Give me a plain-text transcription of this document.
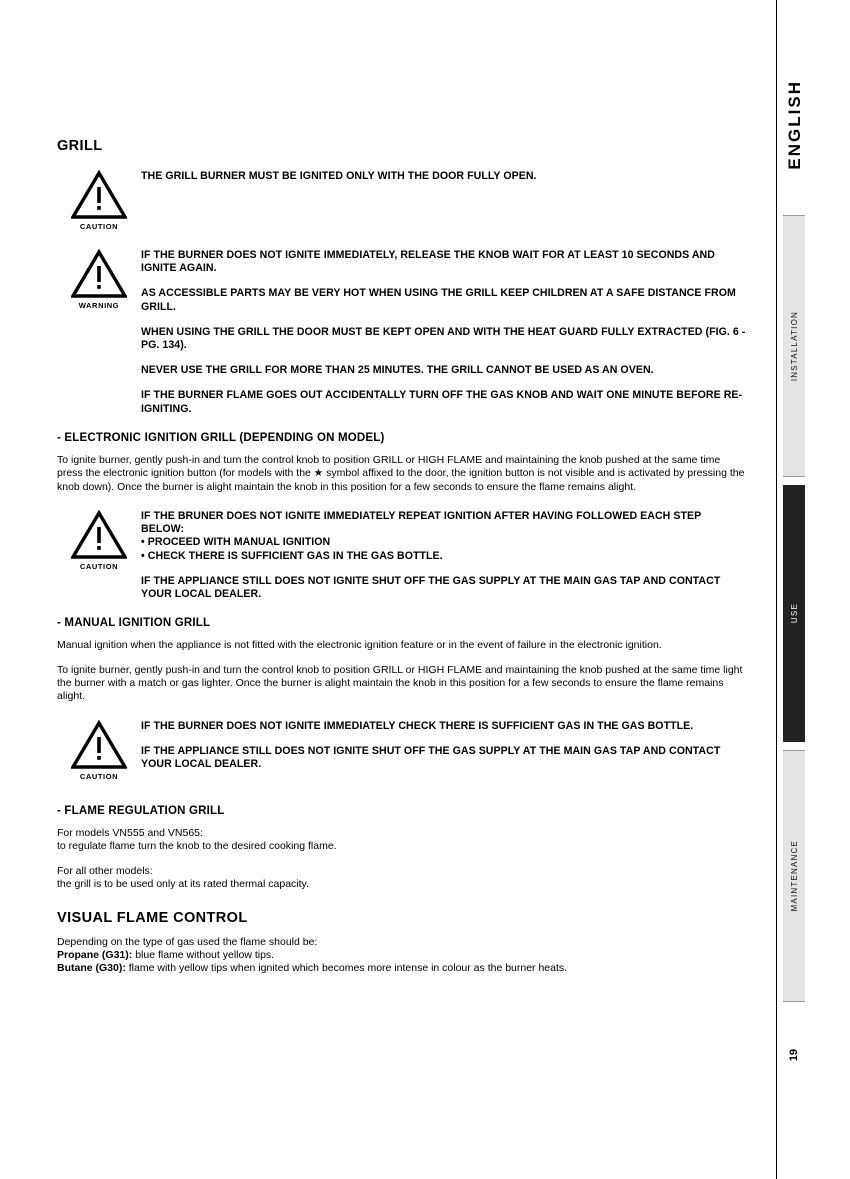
ENGLISH
INSTALLATION
USE
MAINTENANCE
19
GRILL
CAUTION

THE GRILL BURNER MUST BE IGNITED ONLY WITH THE DOOR FULLY OPEN.

WARNING

IF THE BURNER DOES NOT IGNITE IMMEDIATELY, RELEASE THE KNOB WAIT FOR AT LEAST 10 SECONDS AND IGNITE AGAIN.

AS ACCESSIBLE PARTS MAY BE VERY HOT WHEN USING THE GRILL KEEP CHILDREN AT A SAFE DISTANCE FROM GRILL.

WHEN USING THE GRILL THE DOOR MUST BE KEPT OPEN AND WITH THE HEAT GUARD FULLY EXTRACTED (FIG. 6 - PG. 134).

NEVER USE THE GRILL FOR MORE THAN 25 MINUTES. THE GRILL CANNOT BE USED AS AN OVEN.

IF THE BURNER FLAME GOES OUT ACCIDENTALLY TURN OFF THE GAS KNOB AND WAIT ONE MINUTE BEFORE RE-IGNITING.

- ELECTRONIC IGNITION GRILL (DEPENDING ON MODEL)

To ignite burner, gently push-in and turn the control knob to position GRILL or HIGH FLAME and maintaining the knob pushed at the same time press the electronic ignition button (for models with the ★ symbol affixed to the door, the ignition button is not visible and is activated by pressing the knob down). Once the burner is alight maintain the knob in this position for a few seconds to ensure the flame remains alight.

CAUTION

IF THE BRUNER DOES NOT IGNITE IMMEDIATELY REPEAT IGNITION AFTER HAVING FOLLOWED EACH STEP BELOW:

• PROCEED WITH MANUAL IGNITION

• CHECK THERE IS SUFFICIENT GAS IN THE GAS BOTTLE.

IF THE APPLIANCE STILL DOES NOT IGNITE SHUT OFF THE GAS SUPPLY AT THE MAIN GAS TAP AND CONTACT YOUR LOCAL DEALER.

- MANUAL IGNITION GRILL

Manual ignition when the appliance is not fitted with the electronic ignition feature or in the event of failure in the electronic ignition.

To ignite burner, gently push-in and turn the control knob to position GRILL or HIGH FLAME and maintaining the knob pushed at the same time light the burner with a match or gas lighter. Once the burner is alight maintain the knob in this position for a few seconds to ensure the flame remains alight.

CAUTION

IF THE BURNER DOES NOT IGNITE IMMEDIATELY CHECK THERE IS SUFFICIENT GAS IN THE GAS BOTTLE.

IF THE APPLIANCE STILL DOES NOT IGNITE SHUT OFF THE GAS SUPPLY AT THE MAIN GAS TAP AND CONTACT YOUR LOCAL DEALER.

- FLAME REGULATION GRILL

For models VN555 and VN565:

to regulate flame turn the knob to the desired cooking flame.

For all other models:

the grill is to be used only at its rated thermal capacity.

VISUAL FLAME CONTROL

Depending on the type of gas used the flame should be:

Propane (G31): blue flame without yellow tips.

Butane (G30): flame with yellow tips when ignited which becomes more intense in colour as the burner heats.
